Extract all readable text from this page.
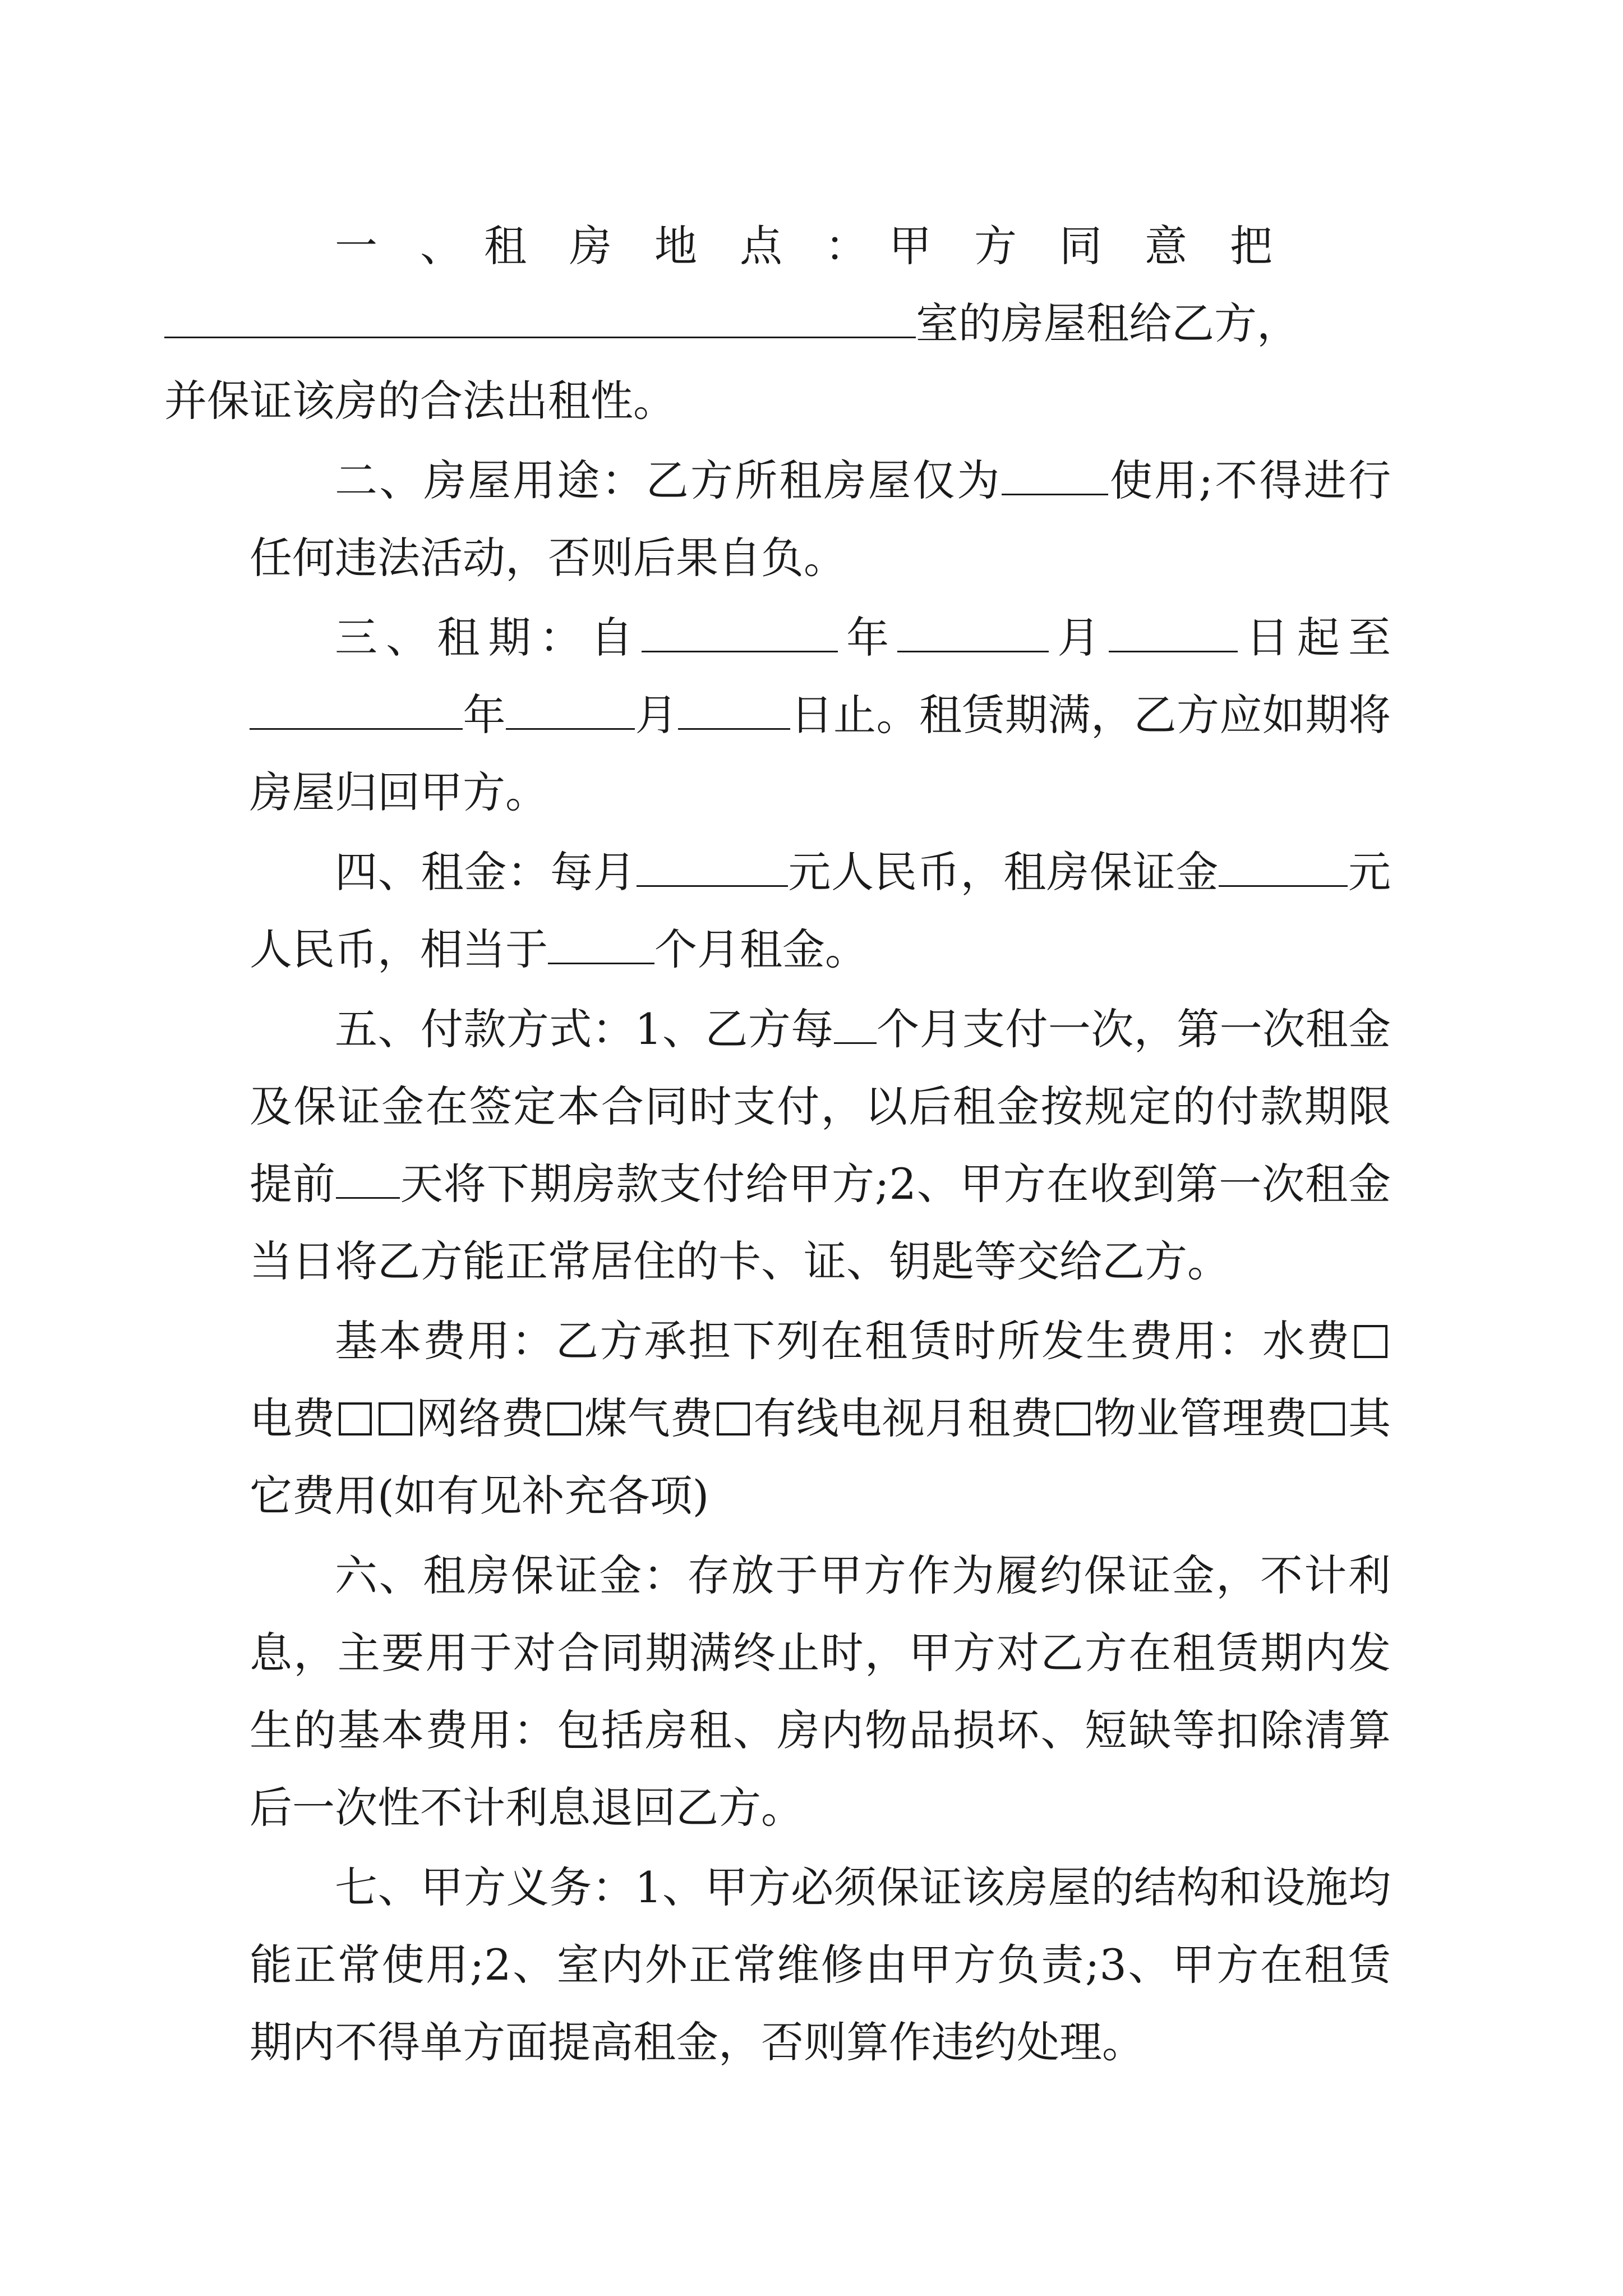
一　、　租　房　地　点　：　甲　方　同　意　把
室的房屋租给乙方，
并保证该房的合法出租性。

二、房屋用途：乙方所租房屋仅为	使用;不得进行任何违法活动，否则后果自负。

三、租期：自	年	月	日起至年	月	日止。租赁期满，乙方应如期将房屋归回甲方。

四、租金：每月	元人民币，租房保证金	元人民币，相当于	个月租金。

五、付款方式：1、乙方每 个月支付一次，第一次租金及保证金在签定本合同时支付，以后租金按规定的付款期限提前 天将下期房款支付给甲方;2、甲方在收到第一次租金当日将乙方能正常居住的卡、证、钥匙等交给乙方。

基本费用：乙方承担下列在租赁时所发生费用：水费电费 网络费 煤气费 有线电视月租费 物业管理费 其它费用(如有见补充各项)

六、租房保证金：存放于甲方作为履约保证金，不计利息，主要用于对合同期满终止时，甲方对乙方在租赁期内发生的基本费用：包括房租、房内物品损坏、短缺等扣除清算后一次性不计利息退回乙方。

七、甲方义务：1、甲方必须保证该房屋的结构和设施均能正常使用;2、室内外正常维修由甲方负责;3、甲方在租赁期内不得单方面提高租金，否则算作违约处理。
